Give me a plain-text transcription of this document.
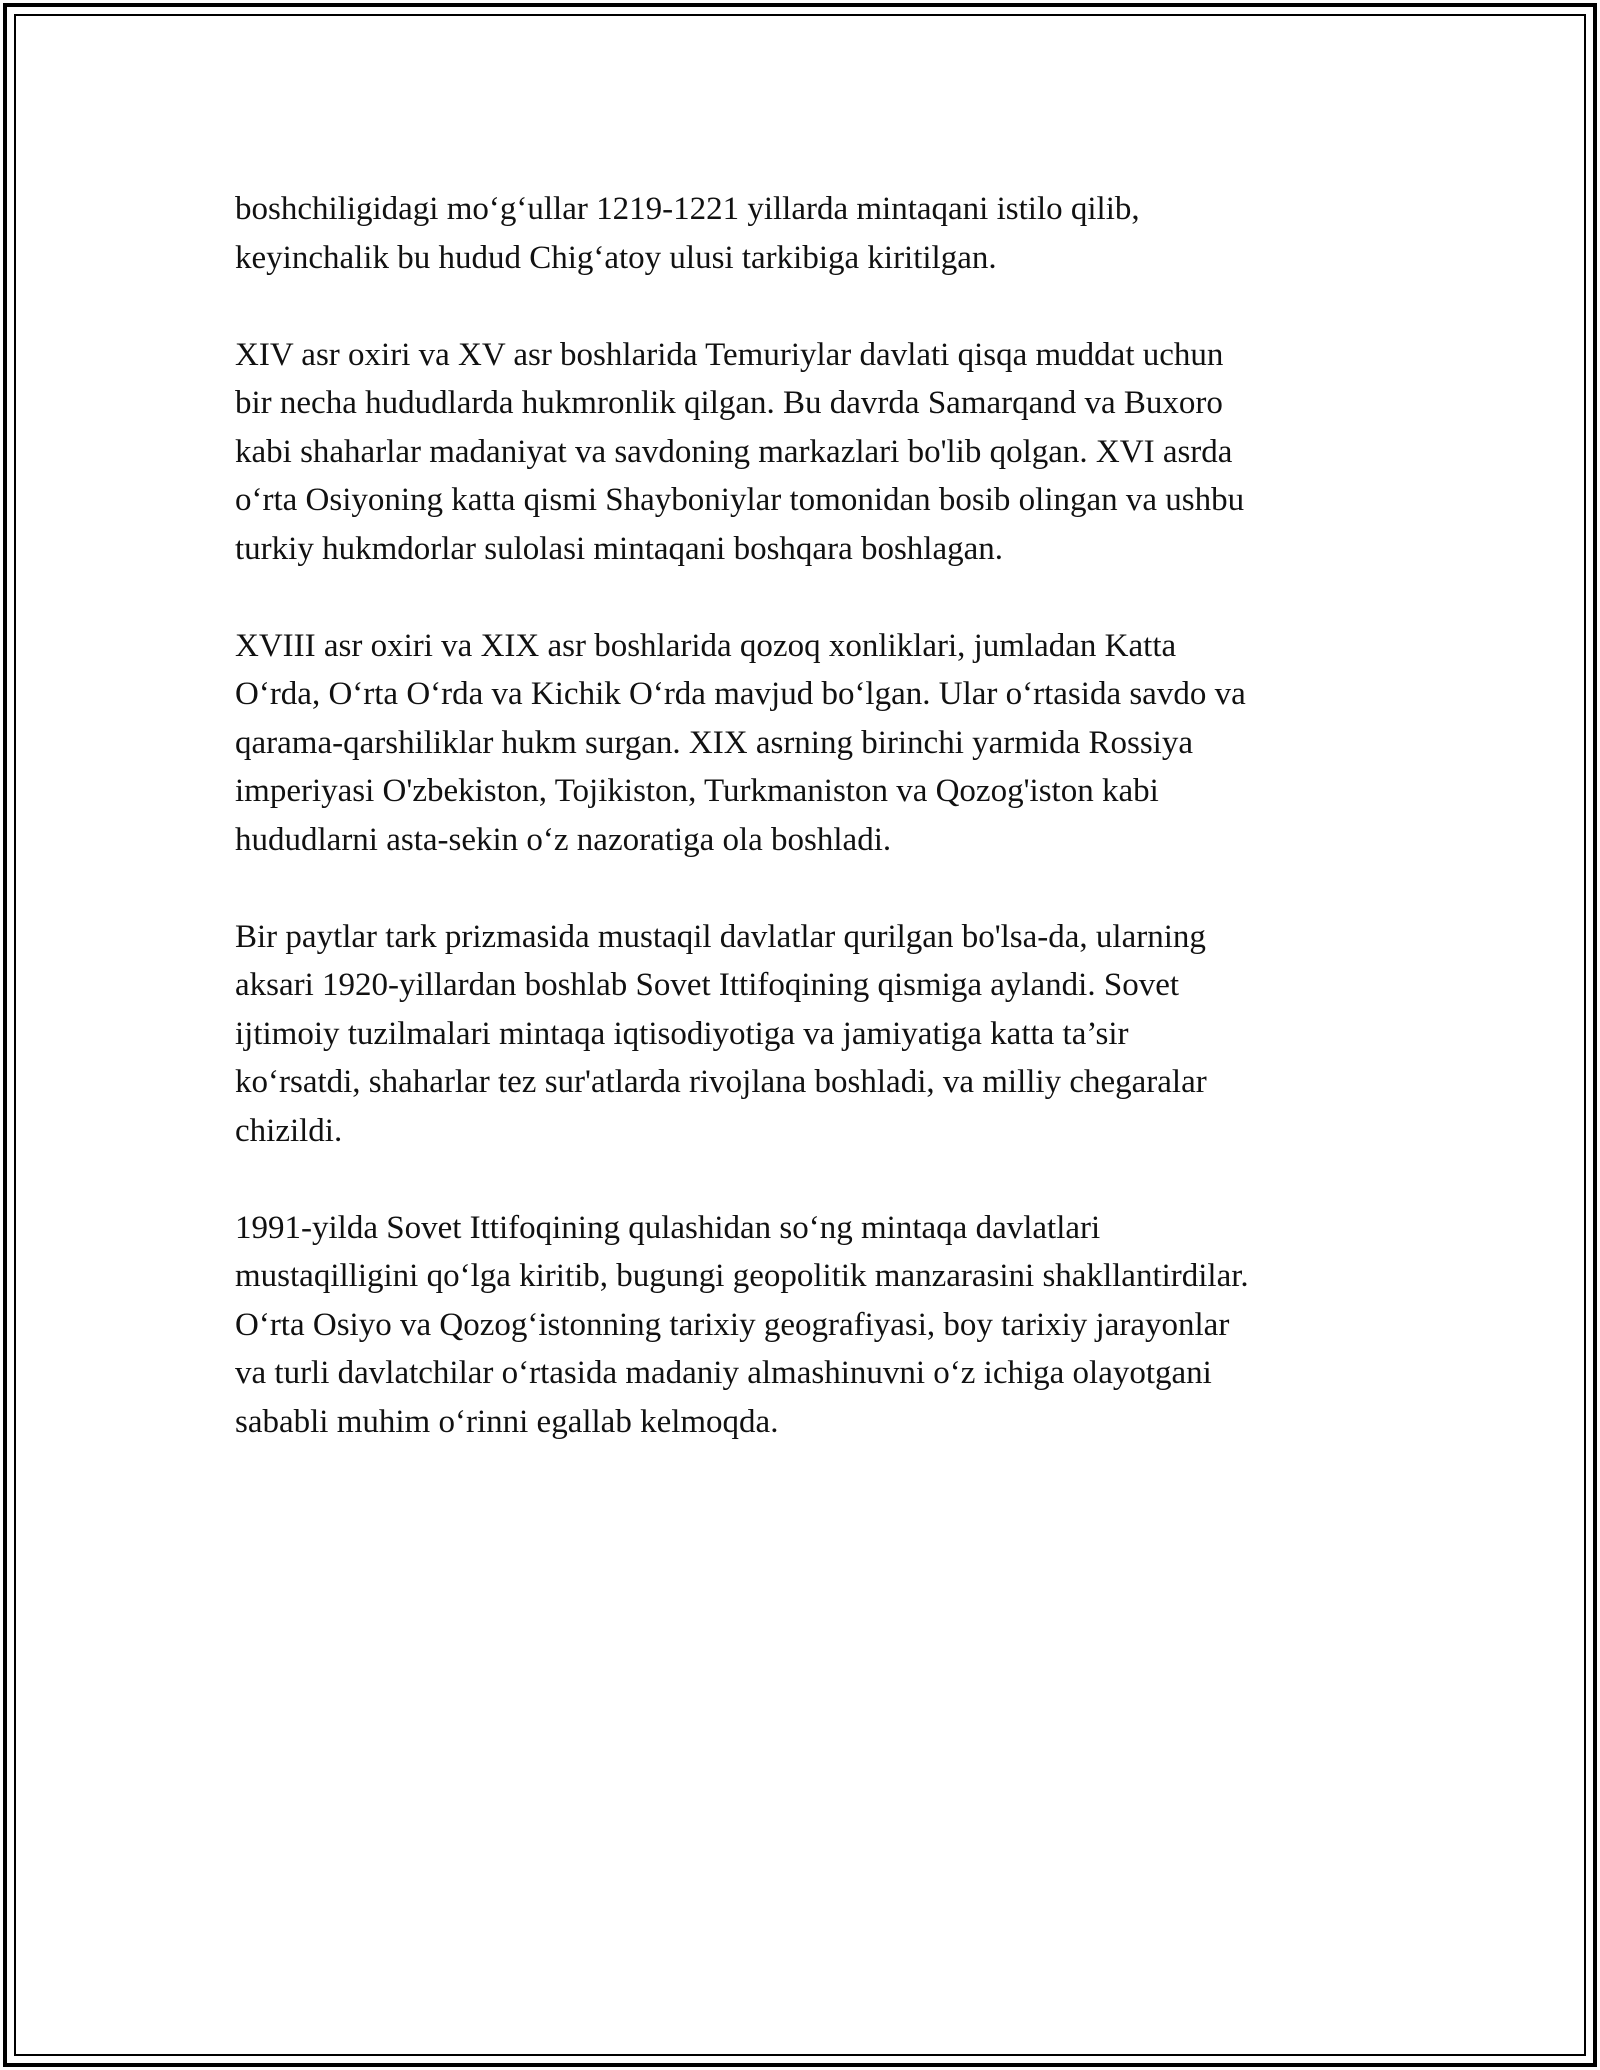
boshchiligidagi mo‘g‘ullar 1219-1221 yillarda mintaqani istilo qilib,
keyinchalik bu hudud Chig‘atoy ulusi tarkibiga kiritilgan.

XIV asr oxiri va XV asr boshlarida Temuriylar davlati qisqa muddat uchun
bir necha hududlarda hukmronlik qilgan. Bu davrda Samarqand va Buxoro
kabi shaharlar madaniyat va savdoning markazlari bo'lib qolgan. XVI asrda
o‘rta Osiyoning katta qismi Shayboniylar tomonidan bosib olingan va ushbu
turkiy hukmdorlar sulolasi mintaqani boshqara boshlagan.

XVIII asr oxiri va XIX asr boshlarida qozoq xonliklari, jumladan Katta
O‘rda, O‘rta O‘rda va Kichik O‘rda mavjud bo‘lgan. Ular o‘rtasida savdo va
qarama-qarshiliklar hukm surgan. XIX asrning birinchi yarmida Rossiya
imperiyasi O'zbekiston, Tojikiston, Turkmaniston va Qozog'iston kabi
hududlarni asta-sekin o‘z nazoratiga ola boshladi.

Bir paytlar tark prizmasida mustaqil davlatlar qurilgan bo'lsa-da, ularning
aksari 1920-yillardan boshlab Sovet Ittifoqining qismiga aylandi. Sovet
ijtimoiy tuzilmalari mintaqa iqtisodiyotiga va jamiyatiga katta ta’sir
ko‘rsatdi, shaharlar tez sur'atlarda rivojlana boshladi, va milliy chegaralar
chizildi.

1991-yilda Sovet Ittifoqining qulashidan so‘ng mintaqa davlatlari
mustaqilligini qo‘lga kiritib, bugungi geopolitik manzarasini shakllantirdilar.
O‘rta Osiyo va Qozog‘istonning tarixiy geografiyasi, boy tarixiy jarayonlar
va turli davlatchilar o‘rtasida madaniy almashinuvni o‘z ichiga olayotgani
sababli muhim o‘rinni egallab kelmoqda.
